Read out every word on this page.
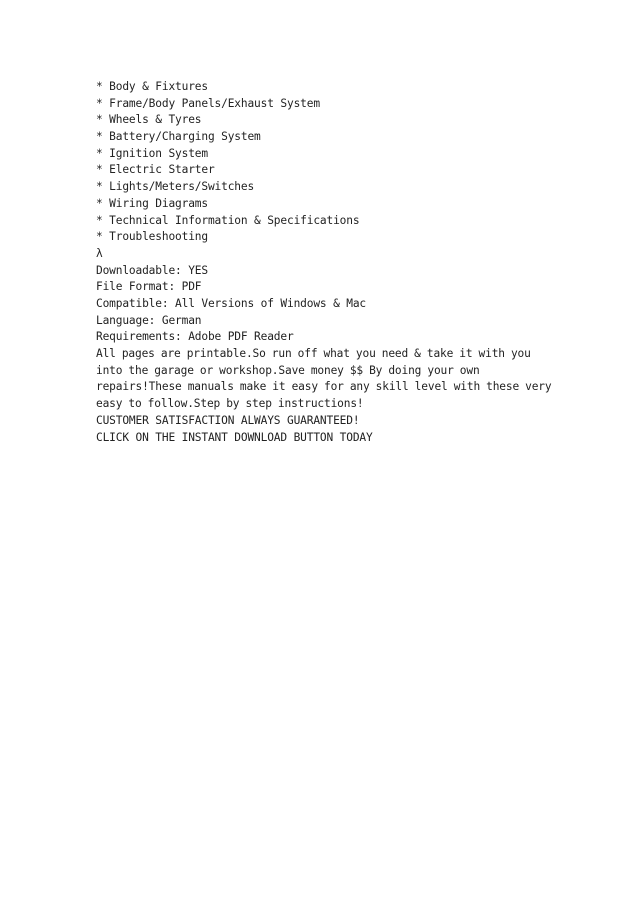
* Body & Fixtures
* Frame/Body Panels/Exhaust System
* Wheels & Tyres
* Battery/Charging System
* Ignition System
* Electric Starter
* Lights/Meters/Switches
* Wiring Diagrams
* Technical Information & Specifications
* Troubleshooting
λ
Downloadable: YES
File Format: PDF
Compatible: All Versions of Windows & Mac
Language: German
Requirements: Adobe PDF Reader
All pages are printable.So run off what you need & take it with you into the garage or workshop.Save money $$ By doing your own repairs!These manuals make it easy for any skill level with these very easy to follow.Step by step instructions!
CUSTOMER SATISFACTION ALWAYS GUARANTEED!
CLICK ON THE INSTANT DOWNLOAD BUTTON TODAY
